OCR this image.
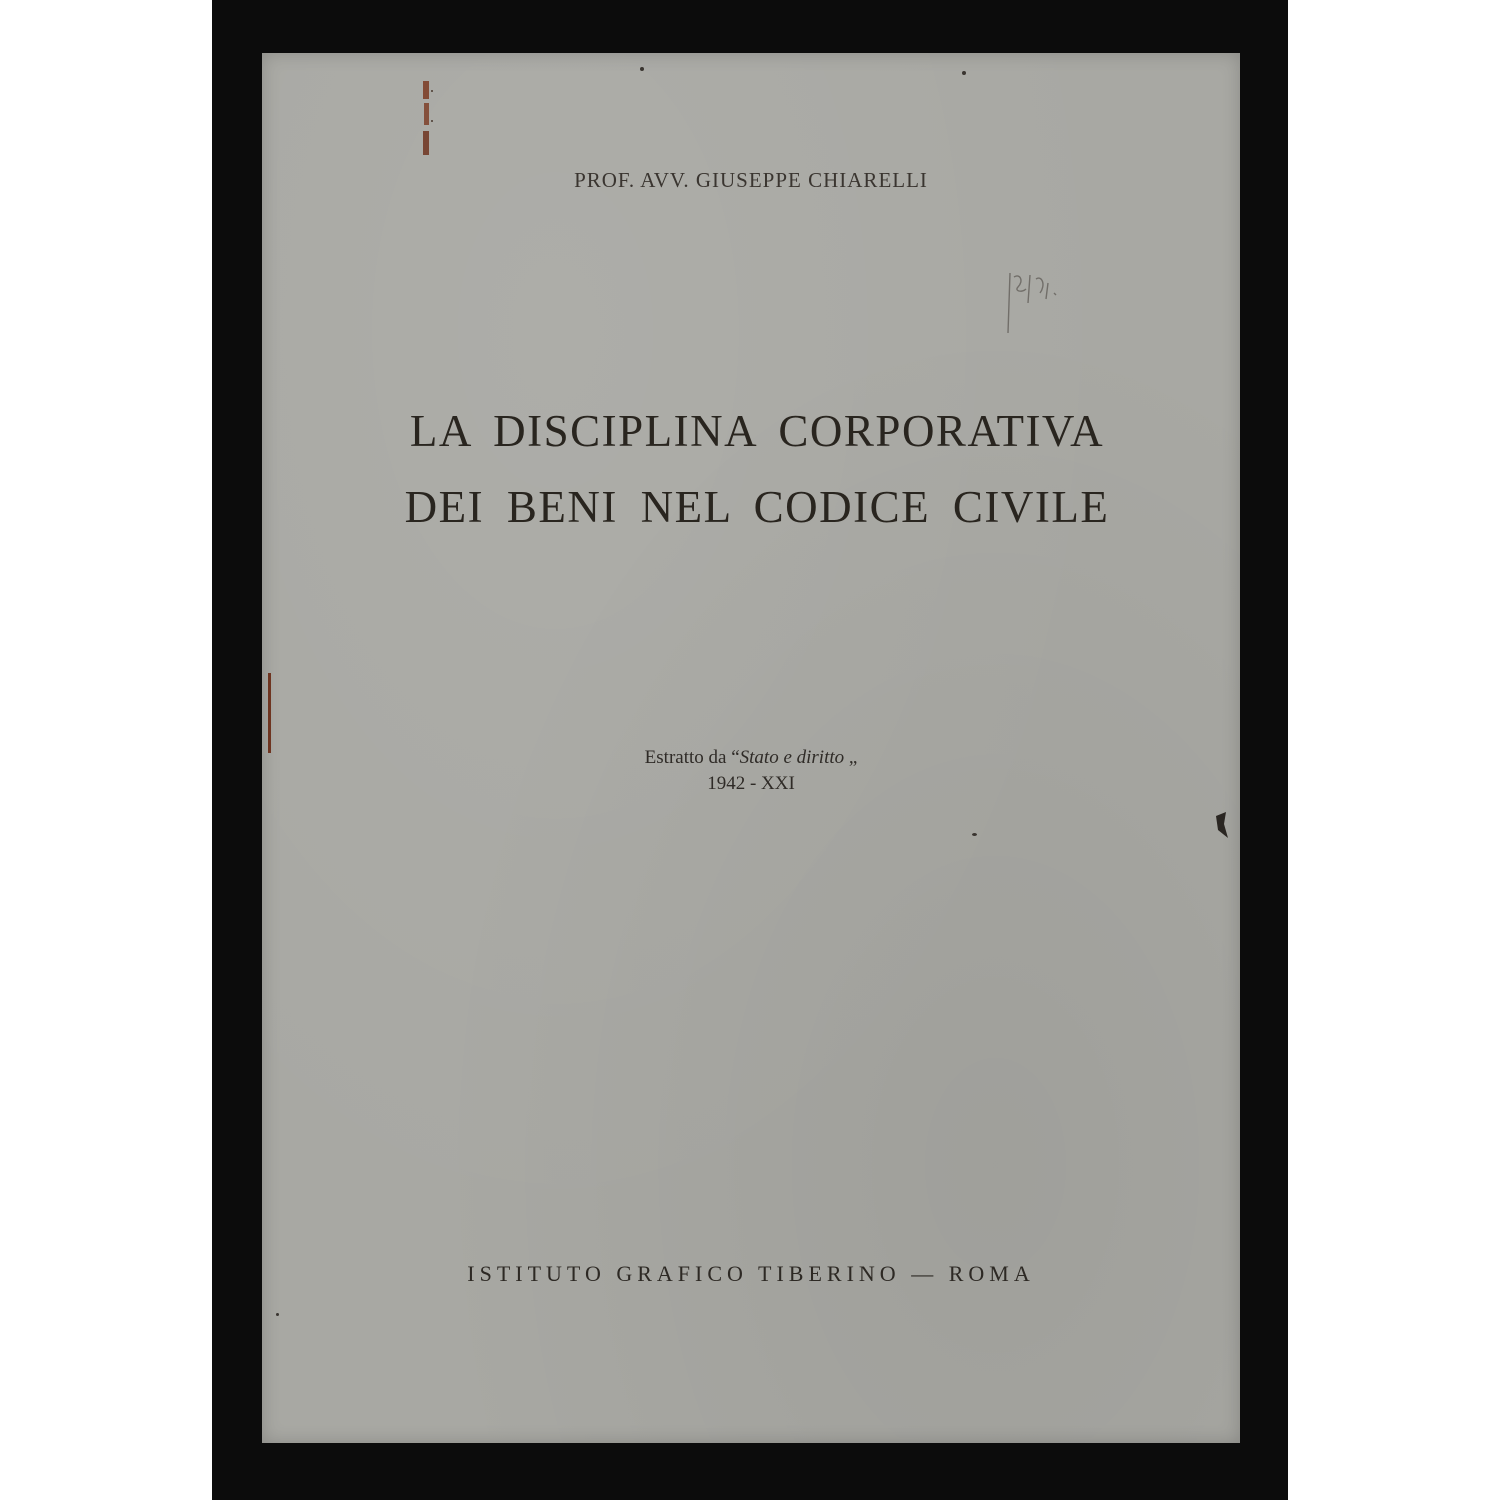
PROF. AVV. GIUSEPPE CHIARELLI
LA DISCIPLINA CORPORATIVA
DEI BENI NEL CODICE CIVILE
Estratto da “Stato e diritto „
1942 - XXI
ISTITUTO GRAFICO TIBERINO — ROMA
